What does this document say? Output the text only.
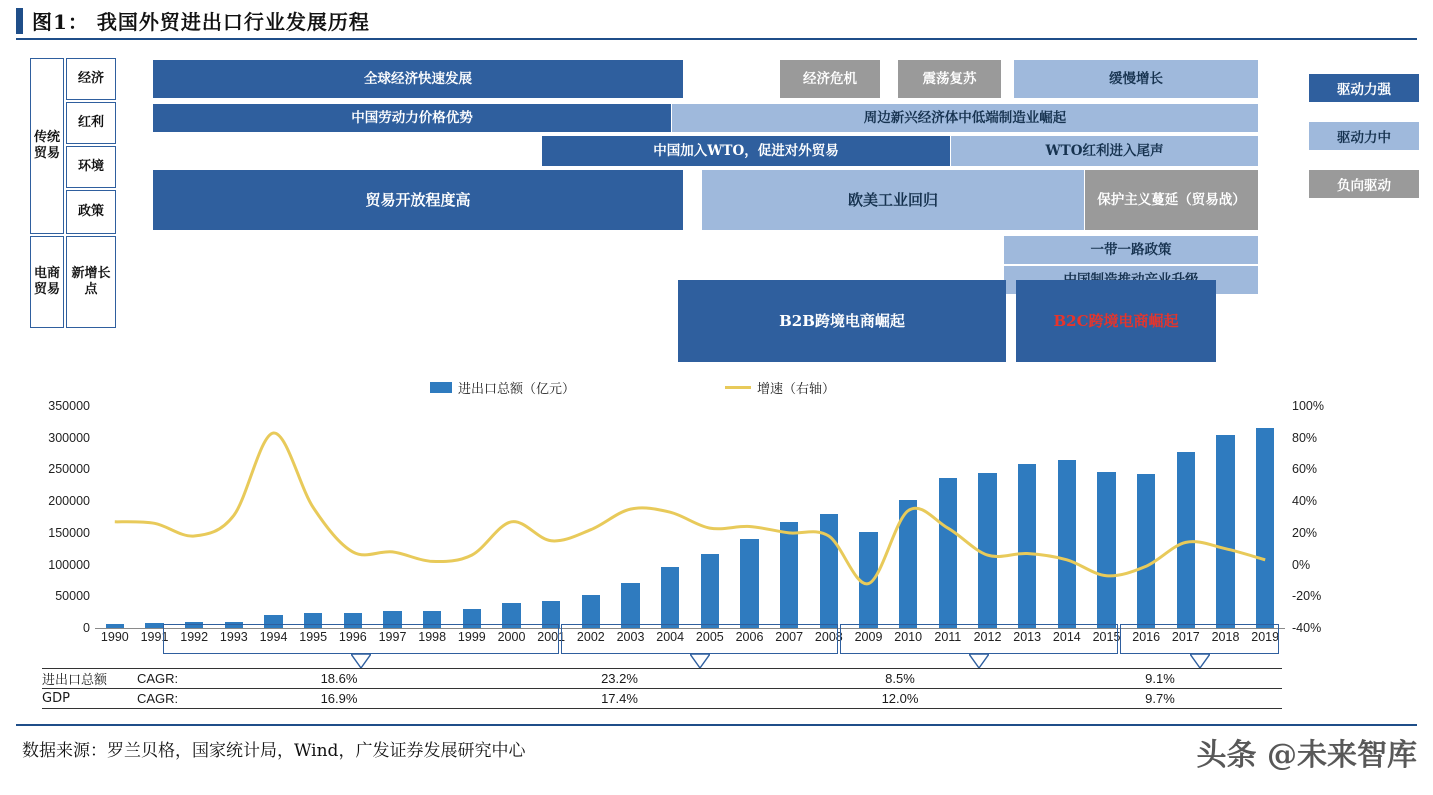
图1： 我国外贸进出口行业发展历程
传统贸易
电商贸易
经济
红利
环境
政策
新增长点
全球经济快速发展	经济危机	震荡复苏	缓慢增长
中国劳动力价格优势	周边新兴经济体中低端制造业崛起
中国加入WTO，促进对外贸易	WTO红利进入尾声
贸易开放程度高	欧美工业回归	保护主义蔓延（贸易战）
一带一路政策
B2B跨境电商崛起	B2C跨境电商崛起
驱动力强
驱动力中
负向驱动
进出口总额（亿元）	增速（右轴）
0
50000
100000
150000
200000
250000
300000
350000
-40%
-20%
0%
20%
40%
60%
80%
100%
1990 1991 1992 1993 1994 1995 1996 1997 1998 1999 2000 2001 2002 2003 2004 2005 2006 2007 2008 2009 2010 2011 2012 2013 2014 2015 2016 2017 2018 2019
进出口总额	CAGR:	18.6%	23.2%	8.5%	9.1%
GDP	CAGR:	16.9%	17.4%	12.0%	9.7%
数据来源：罗兰贝格，国家统计局，Wind，广发证券发展研究中心	头条 @未来智库
